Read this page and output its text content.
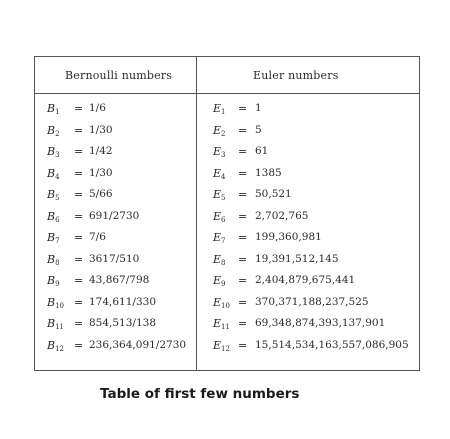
Bernoulli numbers	Euler numbers
$B_1 = 1/6$	$E_1 = 1$
$B_2 = 1/30$	$E_2 = 5$
$B_3 = 1/42$	$E_3 = 61$
$B_4 = 1/30$	$E_4 = 1385$
$B_5 = 5/66$	$E_5 = 50,521$
$B_6 = 691/2730$	$E_6 = 2,702,765$
$B_7 = 7/6$	$E_7 = 199,360,981$
$B_8 = 3617/510$	$E_8 = 19,391,512,145$
$B_9 = 43,867/798$	$E_9 = 2,404,879,675,441$
$B_{10} = 174,611/330$	$E_{10} = 370,371,188,237,525$
$B_{11} = 854,513/138$	$E_{11} = 69,348,874,393,137,901$
$B_{12} = 236,364,091/2730$ $E_{12} = 15,514,534,163,557,086,905$
Table of first few numbers
